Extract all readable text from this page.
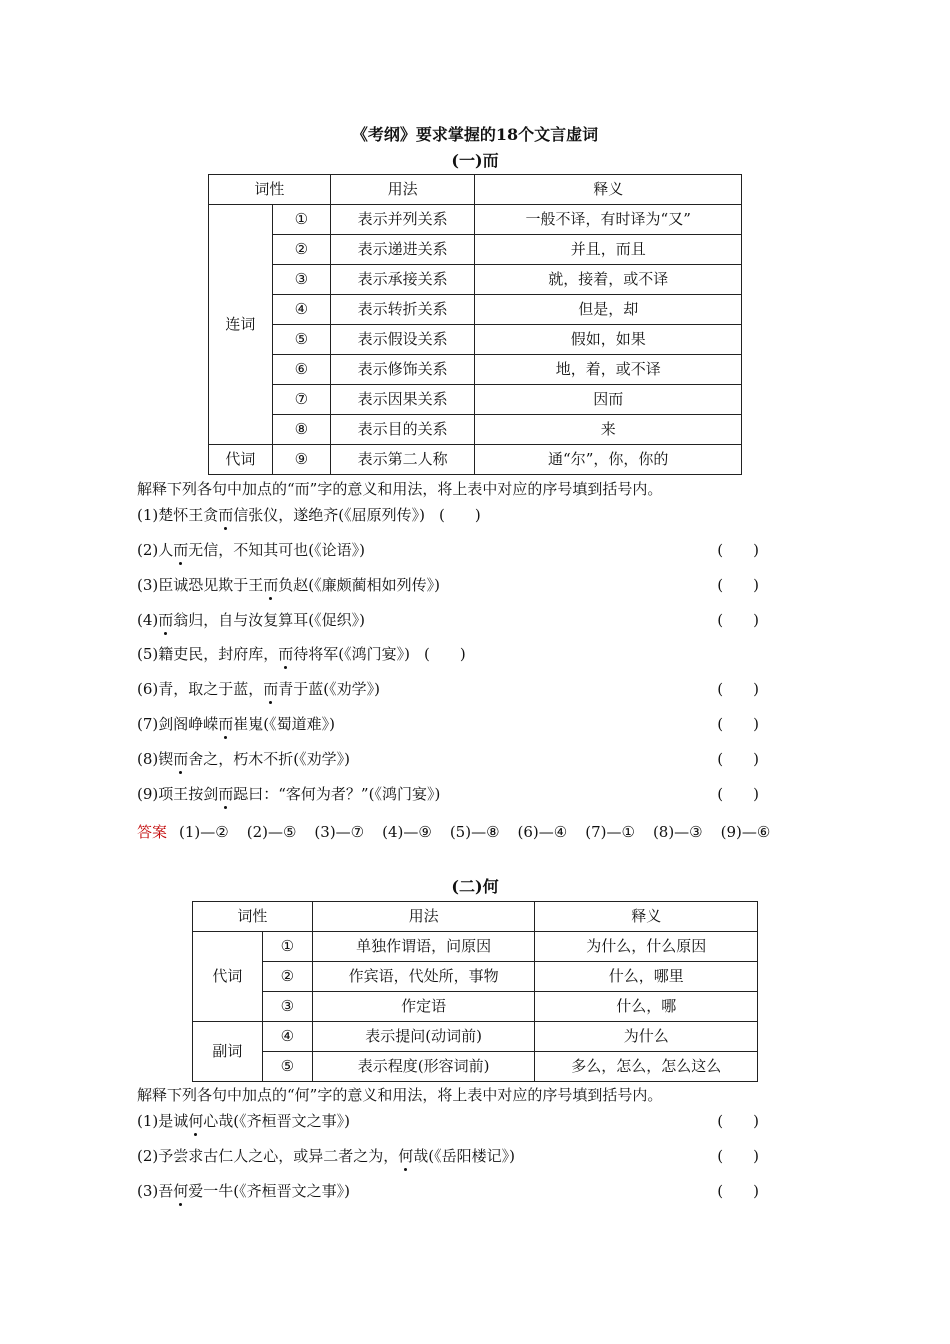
《考纲》要求掌握的18个文言虚词
(一)而
词性		用法	释义
连词	①	表示并列关系	一般不译，有时译为“又”
	②	表示递进关系	并且，而且
	③	表示承接关系	就，接着，或不译
	④	表示转折关系	但是，却
	⑤	表示假设关系	假如，如果
	⑥	表示修饰关系	地，着，或不译
	⑦	表示因果关系	因而
	⑧	表示目的关系	来
代词	⑨	表示第二人称	通“尔”，你，你的
解释下列各句中加点的“而”字的意义和用法，将上表中对应的序号填到括号内。
(1)楚怀王贪而信张仪，遂绝齐(《屈原列传》) (　　)
(2)人而无信，不知其可也(《论语》)	(　　)
(3)臣诚恐见欺于王而负赵(《廉颇蔺相如列传》)	(　　)
(4)而翁归，自与汝复算耳(《促织》)	(　　)
(5)籍吏民，封府库，而待将军(《鸿门宴》) (　　)
(6)青，取之于蓝，而青于蓝(《劝学》)	(　　)
(7)剑阁峥嵘而崔嵬(《蜀道难》)	(　　)
(8)锲而舍之，朽木不折(《劝学》)	(　　)
(9)项王按剑而跽曰：“客何为者？”(《鸿门宴》)	(　　)
答案 (1)—② (2)—⑤ (3)—⑦ (4)—⑨ (5)—⑧ (6)—④ (7)—① (8)—③ (9)—⑥
(二)何
词性		用法	释义
代词	①	单独作谓语，问原因	为什么，什么原因
	②	作宾语，代处所，事物	什么，哪里
	③	作定语	什么，哪
副词	④	表示提问(动词前)	为什么
	⑤	表示程度(形容词前)	多么，怎么，怎么这么
解释下列各句中加点的“何”字的意义和用法，将上表中对应的序号填到括号内。
(1)是诚何心哉(《齐桓晋文之事》)	(　　)
(2)予尝求古仁人之心，或异二者之为，何哉(《岳阳楼记》)	(　　)
(3)吾何爱一牛(《齐桓晋文之事》)	(　　)
